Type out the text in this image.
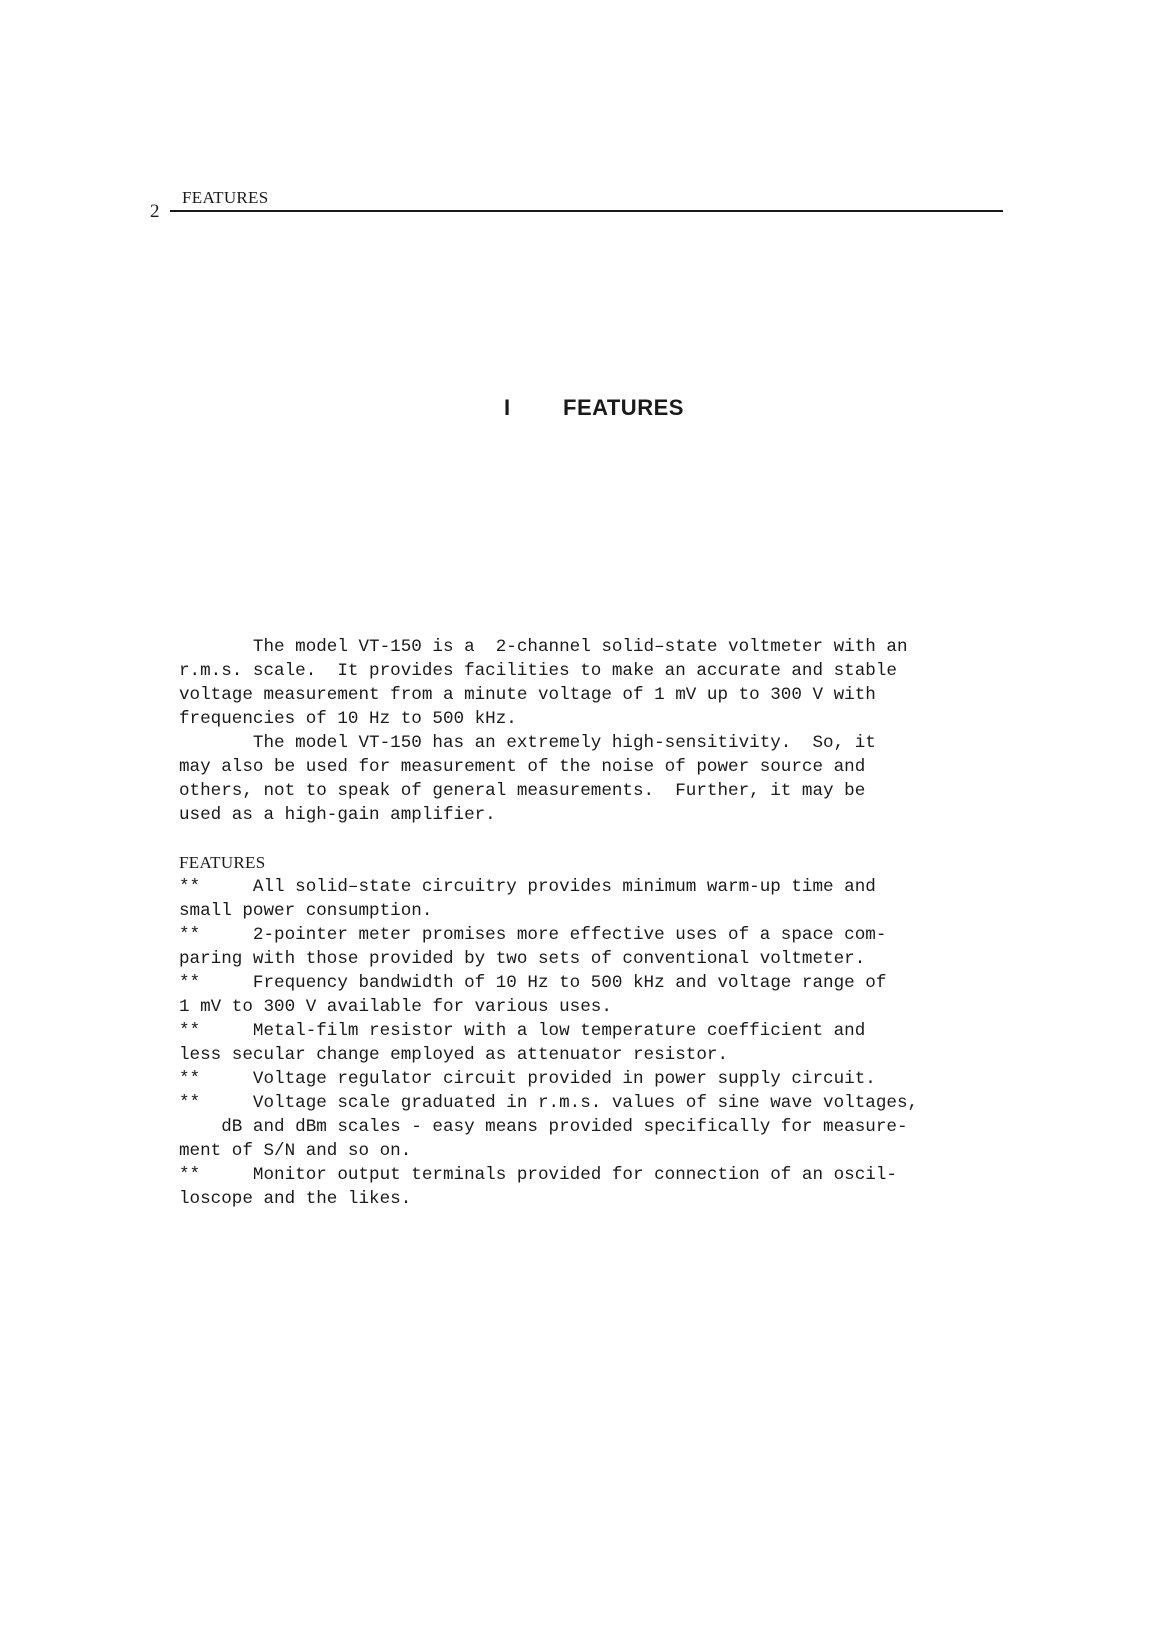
2
FEATURES
I FEATURES
The model VT-150 is a  2-channel solid–state voltmeter with an
r.m.s. scale.  It provides facilities to make an accurate and stable
voltage measurement from a minute voltage of 1 mV up to 300 V with
frequencies of 10 Hz to 500 kHz.
The model VT-150 has an extremely high-sensitivity.  So, it
may also be used for measurement of the noise of power source and
others, not to speak of general measurements.  Further, it may be
used as a high-gain amplifier.
FEATURES
**     All solid–state circuitry provides minimum warm-up time and
small power consumption.
**     2-pointer meter promises more effective uses of a space com-
paring with those provided by two sets of conventional voltmeter.
**     Frequency bandwidth of 10 Hz to 500 kHz and voltage range of
1 mV to 300 V available for various uses.
**     Metal-film resistor with a low temperature coefficient and
less secular change employed as attenuator resistor.
**     Voltage regulator circuit provided in power supply circuit.
**     Voltage scale graduated in r.m.s. values of sine wave voltages,
dB and dBm scales - easy means provided specifically for measure-
ment of S/N and so on.
**     Monitor output terminals provided for connection of an oscil-
loscope and the likes.
